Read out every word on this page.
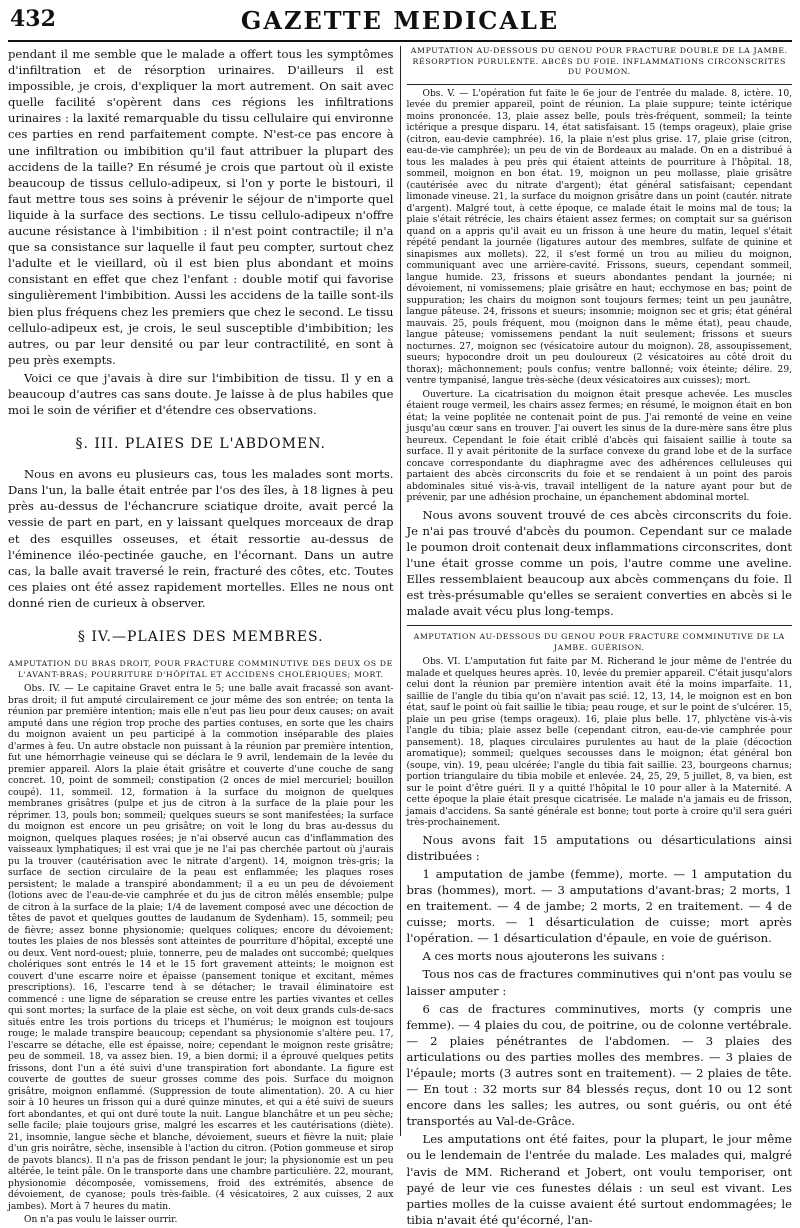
432	GAZETTE MEDICALE

pendant il me semble que le malade a offert tous les symptômes d'infiltration et de résorption urinaires. D'ailleurs il est impossible, je crois, d'expliquer la mort autrement. On sait avec quelle facilité s'opèrent dans ces régions les infiltrations urinaires : la laxité remarquable du tissu cellulaire qui environne ces parties en rend parfaitement compte. N'est-ce pas encore à une infiltration ou imbibition qu'il faut attribuer la plupart des accidens de la taille? En résumé je crois que partout où il existe beaucoup de tissus cellulo-adipeux, si l'on y porte le bistouri, il faut mettre tous ses soins à prévenir le séjour de n'importe quel liquide à la surface des sections. Le tissu cellulo-adipeux n'offre aucune résistance à l'imbibition : il n'est point contractile; il n'a que sa consistance sur laquelle il faut peu compter, surtout chez l'adulte et le vieillard, où il est bien plus abondant et moins consistant en effet que chez l'enfant : double motif qui favorise singulièrement l'imbibition. Aussi les accidens de la taille sont-ils bien plus fréquens chez les premiers que chez le second. Le tissu cellulo-adipeux est, je crois, le seul susceptible d'imbibition; les autres, ou par leur densité ou par leur contractilité, en sont à peu près exempts.

Voici ce que j'avais à dire sur l'imbibition de tissu. Il y en a beaucoup d'autres cas sans doute. Je laisse à de plus habiles que moi le soin de vérifier et d'étendre ces observations.

§. III. PLAIES DE L'ABDOMEN.

Nous en avons eu plusieurs cas, tous les malades sont morts. Dans l'un, la balle était entrée par l'os des îles, à 18 lignes à peu près au-dessus de l'échancrure sciatique droite, avait percé la vessie de part en part, en y laissant quelques morceaux de drap et des esquilles osseuses, et était ressortie au-dessus de l'éminence iléo-pectinée gauche, en l'écornant. Dans un autre cas, la balle avait traversé le rein, fracturé des côtes, etc. Toutes ces plaies ont été assez rapidement mortelles. Elles ne nous ont donné rien de curieux à observer.

§ IV.—PLAIES DES MEMBRES.
AMPUTATION DU BRAS DROIT, POUR FRACTURE COMMINUTIVE DES DEUX OS DE L'AVANT-BRAS; POURRITURE D'HÔPITAL ET ACCIDENS CHOLÉRIQUES; MORT.

Obs. IV. — Le capitaine Gravet entra le 5; une balle avait fracassé son avant-bras droit; il fut amputé circulairement ce jour même des son entrée; on tenta la réunion par première intention; mais elle n'eut pas lieu pour deux causes; on avait amputé dans une région trop proche des parties contuses, en sorte que les chairs du moignon avaient un peu participé à la commotion inséparable des plaies d'armes à feu. Un autre obstacle non puissant à la réunion par première intention, fut une hémorrhagie veineuse qui se déclara le 9 avril, lendemain de la levée du premier appareil. Alors la plaie était grisâtre et couverte d'une couche de sang concret. 10, point de sommeil; constipation (2 onces de miel mercuriel; bouillon coupé). 11, sommeil. 12, formation à la surface du moignon de quelques membranes grisâtres (pulpe et jus de citron à la surface de la plaie pour les réprimer. 13, pouls bon; sommeil; quelques sueurs se sont manifestées; la surface du moignon est encore un peu grisâtre; on voit le long du bras au-dessus du moignon, quelques plaques rosées; je n'ai observé aucun cas d'inflammation des vaisseaux lymphatiques; il est vrai que je ne l'ai pas cherchée partout où j'aurais pu la trouver (cautérisation avec le nitrate d'argent). 14, moignon très-gris; la surface de section circulaire de la peau est enflammée; les plaques roses persistent; le malade a transpiré abondamment; il a eu un peu de dévoiement (lotions avec de l'eau-de-vie camphrée et du jus de citron mêlés ensemble; pulpe de citron à la surface de la plaie; 1/4 de lavement composé avec une décoction de têtes de pavot et quelques gouttes de laudanum de Sydenham). 15, sommeil; peu de fièvre; assez bonne physionomie; quelques coliques; encore du dévoiement; toutes les plaies de nos blessés sont atteintes de pourriture d'hôpital, excepté une ou deux. Vent nord-ouest; pluie, tonnerre, peu de malades ont succombé; quelques cholériques sont entrés le 14 et le 15 fort gravement atteints; le moignon est couvert d'une escarre noire et épaisse (pansement tonique et excitant, mêmes prescriptions). 16, l'escarre tend à se détacher; le travail éliminatoire est commencé : une ligne de séparation se creuse entre les parties vivantes et celles qui sont mortes; la surface de la plaie est sèche, on voit deux grands culs-de-sacs situés entre les trois portions du triceps et l'humérus; le moignon est toujours rouge; le malade transpire beaucoup; cependant sa physionomie s'altère peu. 17, l'escarre se détache, elle est épaisse, noire; cependant le moignon reste grisâtre; peu de sommeil. 18, va assez bien. 19, a bien dormi; il a éprouvé quelques petits frissons, dont l'un a été suivi d'une transpiration fort abondante. La figure est couverte de gouttes de sueur grosses comme des pois. Surface du moignon grisâtre, moignon enflammé. (Suppression de toute alimentation). 20. A cu hier soir à 10 heures un frisson qui a duré quinze minutes, et qui a été suivi de sueurs fort abondantes, et qui ont duré toute la nuit. Langue blanchâtre et un peu sèche; selle facile; plaie toujours grise, malgré les escarres et les cautérisations (diète). 21, insomnie, langue sèche et blanche, dévoiement, sueurs et fièvre la nuit; plaie d'un gris noirâtre, sèche, insensible à l'action du citron. (Potion gommeuse et sirop de pavots blancs). Il n'a pas de frisson pendant le jour; la physionomie est un peu altérée, le teint pâle. On le transporte dans une chambre particulière. 22, mourant, physionomie décomposée, vomissemens, froid des extrémités, absence de dévoiement, de cyanose; pouls très-faible. (4 vésicatoires, 2 aux cuisses, 2 aux jambes). Mort à 7 heures du matin.

On n'a pas voulu le laisser ourrir.

AMPUTATION AU-DESSOUS DU GENOU POUR FRACTURE DOUBLE DE LA JAMBE. RÉSORPTION PURULENTE. ABCÈS DU FOIE. INFLAMMATIONS CIRCONSCRITES DU POUMON.

Obs. V. — L'opération fut faite le 6e jour de l'entrée du malade. 8, ictère. 10, levée du premier appareil, point de réunion. La plaie suppure; teinte ictérique moins prononcée. 13, plaie assez belle, pouls très-fréquent, sommeil; la teinte ictérique a presque disparu. 14, état satisfaisant. 15 (temps orageux), plaie grise (citron, eau-devie camphrée). 16, la plaie n'est plus grise. 17, plaie grise (citron, eau-de-vie camphrée); un peu de vin de Bordeaux au malade. On en a distribué à tous les malades à peu près qui étaient atteints de pourriture à l'hôpital. 18, sommeil, moignon en bon état. 19, moignon un peu mollasse, plaie grisâtre (cautérisée avec du nitrate d'argent); état général satisfaisant; cependant limonade vineuse. 21, la surface du moignon grisâtre dans un point (cautér. nitrate d'argent). Malgré tout, à cette époque, ce malade était le moins mal de tous; la plaie s'était rétrécie, les chairs étaient assez fermes; on comptait sur sa guérison quand on a appris qu'il avait eu un frisson à une heure du matin, lequel s'était répété pendant la journée (ligatures autour des membres, sulfate de quinine et sinapismes aux mollets). 22, il s'est formé un trou au milieu du moignon, communiquant avec une arrière-cavité. Frissons, sueurs, cependant sommeil, langue humide. 23, frissons et sueurs abondantes pendant la journée; ni dévoiement, ni vomissemens; plaie grisâtre en haut; ecchymose en bas; point de suppuration; les chairs du moignon sont toujours fermes; teint un peu jaunâtre, langue pâteuse. 24, frissons et sueurs; insomnie; moignon sec et gris; état général mauvais. 25, pouls fréquent, mou (moignon dans le même état), peau chaude, langue pâteuse; vomissemens pendant la nuit seulement; frissons et sueurs nocturnes. 27, moignon sec (vésicatoire autour du moignon). 28, assoupissement, sueurs; hypocondre droit un peu douloureux (2 vésicatoires au côté droit du thorax); mâchonnement; pouls confus; ventre ballonné; voix éteinte; délire. 29, ventre tympanisé, langue très-sèche (deux vésicatoires aux cuisses); mort.

Ouverture. La cicatrisation du moignon était presque achevée. Les muscles étaient rouge vermeil, les chairs assez fermes; en résumé, le moignon était en bon état; la veine poplitée ne contenait point de pus. J'ai remonté de veine en veine jusqu'au cœur sans en trouver. J'ai ouvert les sinus de la dure-mère sans être plus heureux. Cependant le foie était criblé d'abcès qui faisaient saillie à toute sa surface. Il y avait péritonite de la surface convexe du grand lobe et de la surface concave correspondante du diaphragme avec des adhérences celluleuses qui partaient des abcès circonscrits du foie et se rendaient à un point des parois abdominales situé vis-à-vis, travail intelligent de la nature ayant pour but de prévenir, par une adhésion prochaine, un épanchement abdominal mortel.

Nous avons souvent trouvé de ces abcès circonscrits du foie. Je n'ai pas trouvé d'abcès du poumon. Cependant sur ce malade le poumon droit contenait deux inflammations circonscrites, dont l'une était grosse comme un pois, l'autre comme une aveline. Elles ressemblaient beaucoup aux abcès commençans du foie. Il est très-présumable qu'elles se seraient converties en abcès si le malade avait vécu plus long-temps.

AMPUTATION AU-DESSOUS DU GENOU POUR FRACTURE COMMINUTIVE DE LA JAMBE. GUÉRISON.

Obs. VI. L'amputation fut faite par M. Richerand le jour même de l'entrée du malade et quelques heures après. 10, levée du premier appareil. C'était jusqu'alors celui dont la réunion par première intention avait été la moins imparfaite. 11, saillie de l'angle du tibia qu'on n'avait pas scié. 12, 13, 14, le moignon est en bon état, sauf le point où fait saillie le tibia; peau rouge, et sur le point de s'ulcérer. 15, plaie un peu grise (temps orageux). 16, plaie plus belle. 17, phlyctène vis-à-vis l'angle du tibia; plaie assez belle (cependant citron, eau-de-vie camphrée pour pansement). 18, plaques circulaires purulentes au haut de la plaie (décoction aromatique); sommeil; quelques secousses dans le moignon; état général bon (soupe, vin). 19, peau ulcérée; l'angle du tibia fait saillie. 23, bourgeons charnus; portion triangulaire du tibia mobile et enlevée. 24, 25, 29, 5 juillet, 8, va bien, est sur le point d'être guéri. Il y a quitté l'hôpital le 10 pour aller à la Maternité. A cette époque la plaie était presque cicatrisée. Le malade n'a jamais eu de frisson, jamais d'accidens. Sa santé générale est bonne; tout porte à croire qu'il sera guéri très-prochainement.

Nous avons fait 15 amputations ou désarticulations ainsi distribuées :

1 amputation de jambe (femme), morte. — 1 amputation du bras (hommes), mort. — 3 amputations d'avant-bras; 2 morts, 1 en traitement. — 4 de jambe; 2 morts, 2 en traitement. — 4 de cuisse; morts. — 1 désarticulation de cuisse; mort après l'opération. — 1 désarticulation d'épaule, en voie de guérison.

A ces morts nous ajouterons les suivans :

Tous nos cas de fractures comminutives qui n'ont pas voulu se laisser amputer :

6 cas de fractures comminutives, morts (y compris une femme). — 4 plaies du cou, de poitrine, ou de colonne vertébrale. — 2 plaies pénétrantes de l'abdomen. — 3 plaies des articulations ou des parties molles des membres. — 3 plaies de l'épaule; morts (3 autres sont en traitement). — 2 plaies de tête. — En tout : 32 morts sur 84 blessés reçus, dont 10 ou 12 sont encore dans les salles; les autres, ou sont guéris, ou ont été transportés au Val-de-Grâce.

Les amputations ont été faites, pour la plupart, le jour même ou le lendemain de l'entrée du malade. Les malades qui, malgré l'avis de MM. Richerand et Jobert, ont voulu temporiser, ont payé de leur vie ces funestes délais : un seul est vivant. Les parties molles de la cuisse avaient été surtout endommagées; le tibia n'avait été qu'écorné, l'an-
